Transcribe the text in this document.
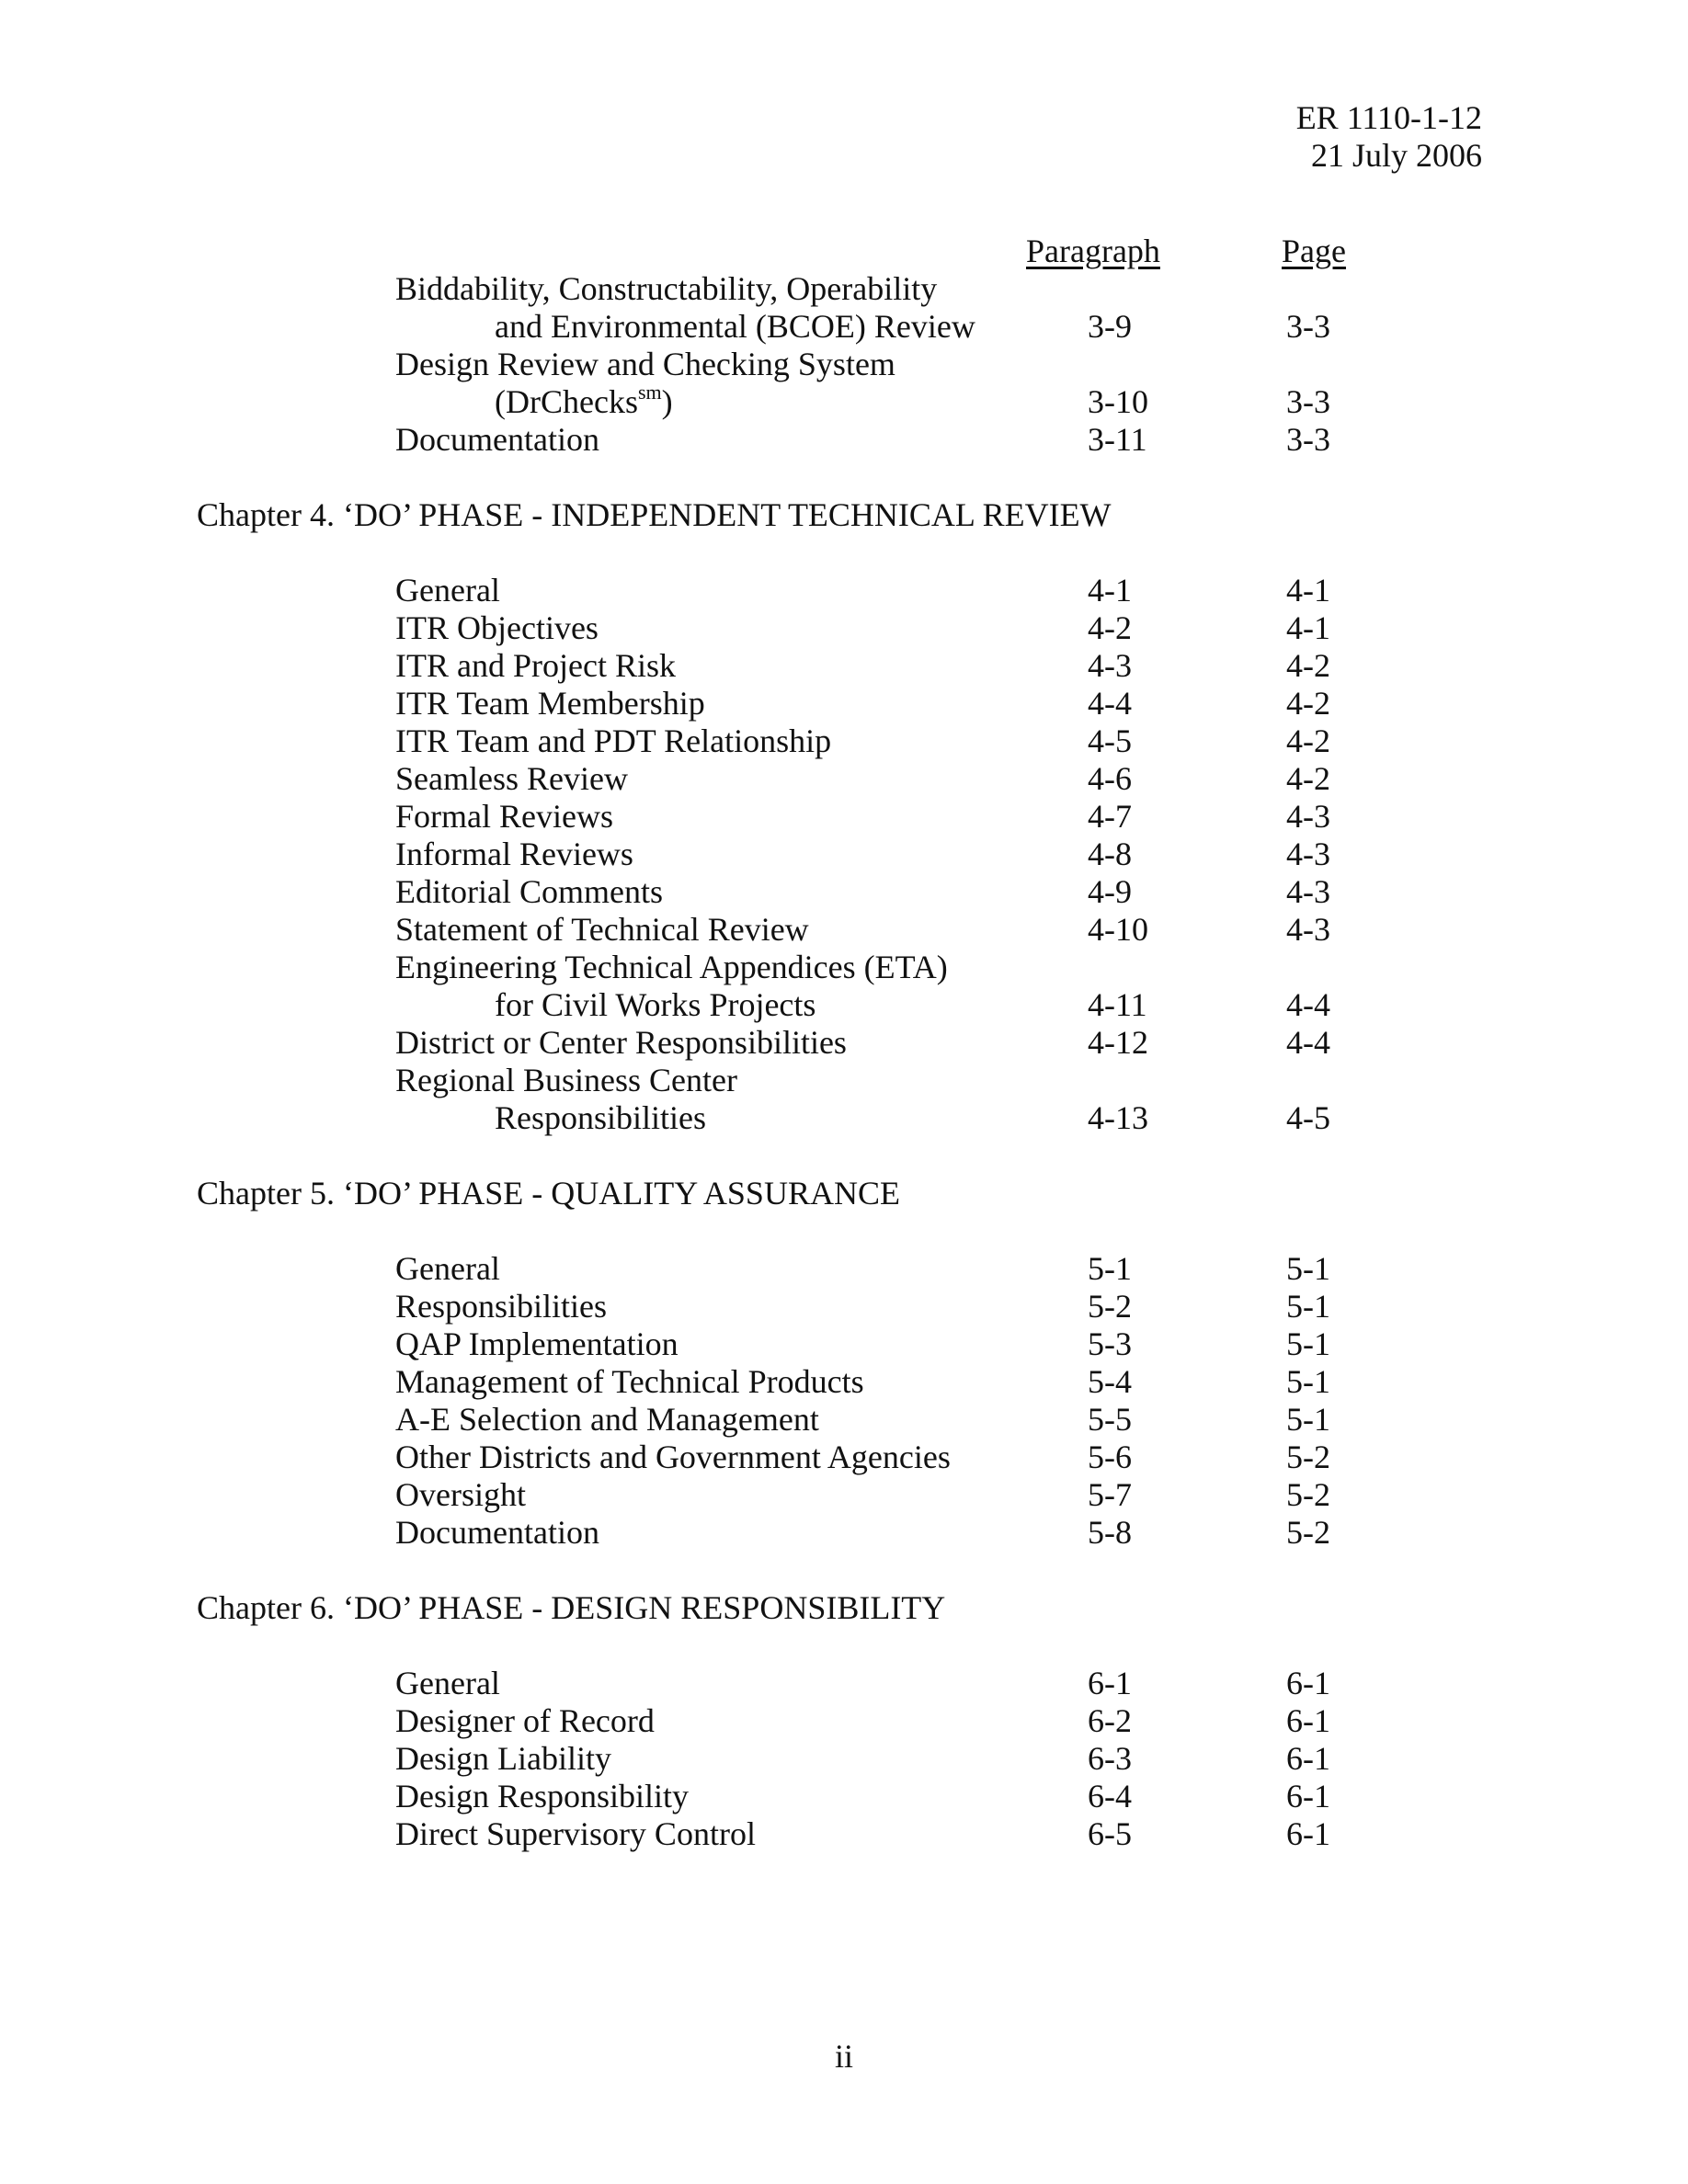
ER 1110-1-12
21 July 2006
Paragraph	Page
Biddability, Constructability, Operability
and Environmental (BCOE) Review	3-9	3-3
Design Review and Checking System
(DrChecks$^{sm}$)	3-10	3-3
Documentation	3-11	3-3
Chapter 4. ‘DO’ PHASE - INDEPENDENT TECHNICAL REVIEW
General	4-1	4-1
ITR Objectives	4-2	4-1
ITR and Project Risk	4-3	4-2
ITR Team Membership	4-4	4-2
ITR Team and PDT Relationship	4-5	4-2
Seamless Review	4-6	4-2
Formal Reviews	4-7	4-3
Informal Reviews	4-8	4-3
Editorial Comments	4-9	4-3
Statement of Technical Review	4-10	4-3
Engineering Technical Appendices (ETA)
for Civil Works Projects	4-11	4-4
District or Center Responsibilities	4-12	4-4
Regional Business Center
Responsibilities	4-13	4-5
Chapter 5. ‘DO’ PHASE - QUALITY ASSURANCE
General	5-1	5-1
Responsibilities	5-2	5-1
QAP Implementation	5-3	5-1
Management of Technical Products	5-4	5-1
A-E Selection and Management	5-5	5-1
Other Districts and Government Agencies	5-6	5-2
Oversight	5-7	5-2
Documentation	5-8	5-2
Chapter 6. ‘DO’ PHASE - DESIGN RESPONSIBILITY
General	6-1	6-1
Designer of Record	6-2	6-1
Design Liability	6-3	6-1
Design Responsibility	6-4	6-1
Direct Supervisory Control	6-5	6-1
ii
